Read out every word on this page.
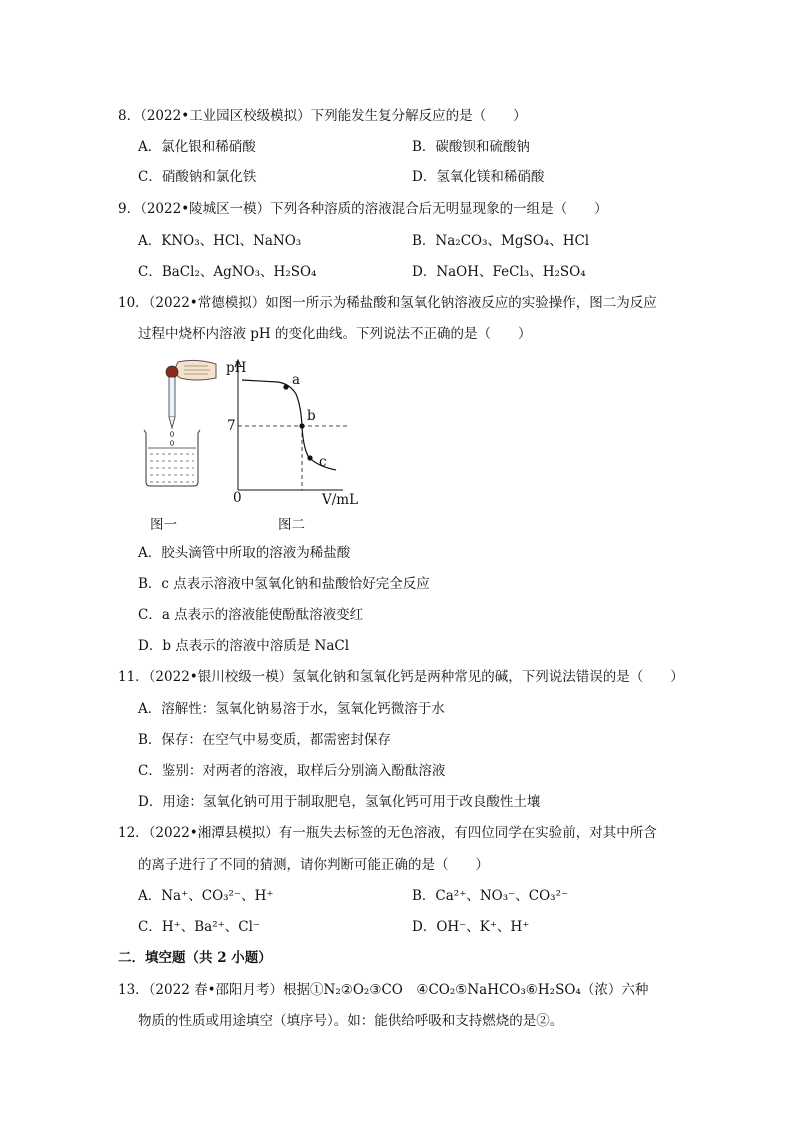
8．（2022•工业园区校级模拟）下列能发生复分解反应的是（　　）
A．氯化银和稀硝酸	B．碳酸钡和硫酸钠
C．硝酸钠和氯化铁	D．氢氧化镁和稀硝酸
9．（2022•陵城区一模）下列各种溶质的溶液混合后无明显现象的一组是（　　）
A．KNO₃、HCl、NaNO₃	B．Na₂CO₃、MgSO₄、HCl
C．BaCl₂、AgNO₃、H₂SO₄	D．NaOH、FeCl₃、H₂SO₄
10．（2022•常德模拟）如图一所示为稀盐酸和氢氧化钠溶液反应的实验操作，图二为反应
过程中烧杯内溶液 pH 的变化曲线。下列说法不正确的是（　　）
pH
a
b
c
7
0	V/mL
图一	图二
A．胶头滴管中所取的溶液为稀盐酸
B．c 点表示溶液中氢氧化钠和盐酸恰好完全反应
C．a 点表示的溶液能使酚酞溶液变红
D．b 点表示的溶液中溶质是 NaCl
11．（2022•银川校级一模）氢氧化钠和氢氧化钙是两种常见的碱，下列说法错误的是（　　）
A．溶解性：氢氧化钠易溶于水，氢氧化钙微溶于水
B．保存：在空气中易变质，都需密封保存
C．鉴别：对两者的溶液，取样后分别滴入酚酞溶液
D．用途：氢氧化钠可用于制取肥皂，氢氧化钙可用于改良酸性土壤
12．（2022•湘潭县模拟）有一瓶失去标签的无色溶液，有四位同学在实验前，对其中所含
的离子进行了不同的猜测，请你判断可能正确的是（　　）
A．Na⁺、CO₃²⁻、H⁺	B．Ca²⁺、NO₃⁻、CO₃²⁻
C．H⁺、Ba²⁺、Cl⁻	D．OH⁻、K⁺、H⁺
二．填空题（共 2 小题）
13．（2022 春•邵阳月考）根据①N₂②O₂③CO　④CO₂⑤NaHCO₃⑥H₂SO₄（浓）六种
物质的性质或用途填空（填序号）。如：能供给呼吸和支持燃烧的是②。
